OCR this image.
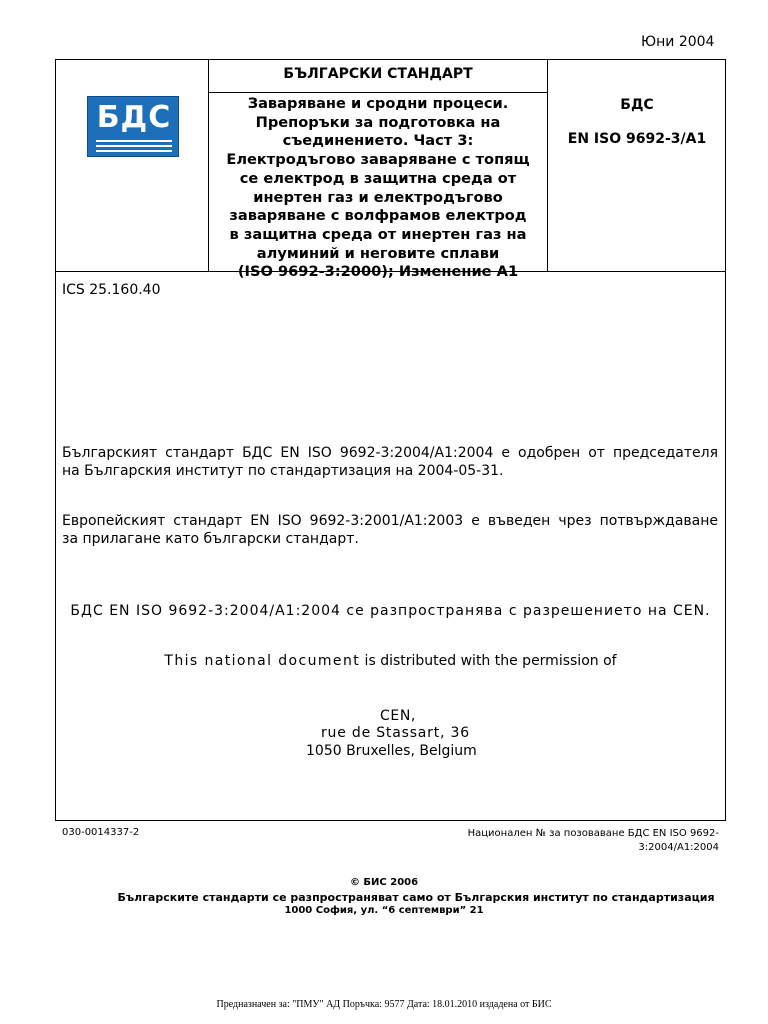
Юни 2004
БДС
БЪЛГАРСКИ СТАНДАРТ
Заваряване и сродни процеси.
Препоръки за подготовка на
съединението. Част 3:
Електродъгово заваряване с топящ
се електрод в защитна среда от
инертен газ и електродъгово
заваряване с волфрамов електрод
в защитна среда от инертен газ на
алуминий и неговите сплави
(ISO 9692-3:2000); Изменение A1
БДС
EN ISO 9692-3/A1
ICS 25.160.40
Българският стандарт БДС EN ISO 9692-3:2004/A1:2004 е одобрен от председателя
на Българския институт по стандартизация на 2004-05-31.
Европейският стандарт EN ISO 9692-3:2001/A1:2003 е въведен чрез потвърждаване
за прилагане като български стандарт.
БДС EN ISO 9692-3:2004/A1:2004 се разпространява с разрешението на CEN.
This national document is distributed with the permission of
CEN,
rue de Stassart, 36
1050 Bruxelles, Belgium
030-0014337-2	Национален № за позоваване БДС EN ISO 9692-
3:2004/A1:2004
© БИС 2006
Българските стандарти се разпространяват само от Българския институт по стандартизация
1000 София, ул. “6 септември” 21
Предназначен за: "ПМУ" АД Поръчка: 9577 Дата: 18.01.2010 издадена от БИС
